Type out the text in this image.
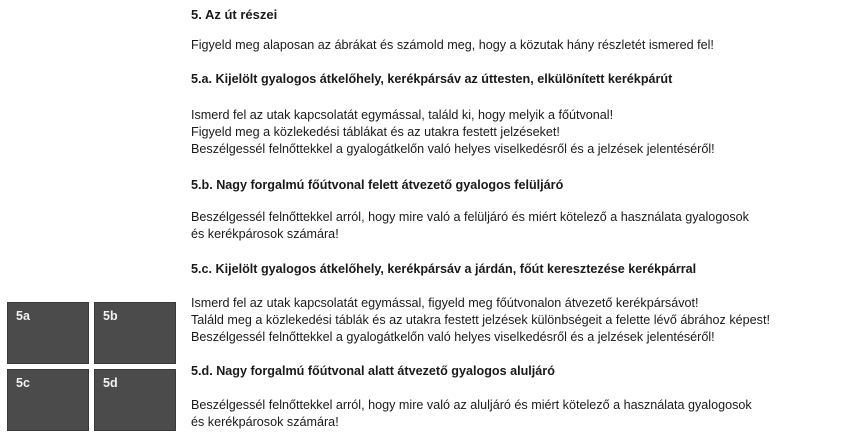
5a	5b
5c	5d
5. Az út részei

Figyeld meg alaposan az ábrákat és számold meg, hogy a közutak hány részletét ismered fel!

5.a. Kijelölt gyalogos átkelőhely, kerékpársáv az úttesten, elkülönített kerékpárút

Ismerd fel az utak kapcsolatát egymással, találd ki, hogy melyik a főútvonal!
Figyeld meg a közlekedési táblákat és az utakra festett jelzéseket!
Beszélgessél felnőttekkel a gyalogátkelőn való helyes viselkedésről és a jelzések jelentéséről!

5.b. Nagy forgalmú főútvonal felett átvezető gyalogos felüljáró

Beszélgessél felnőttekkel arról, hogy mire való a felüljáró és miért kötelező a használata gyalogosok
és kerékpárosok számára!

5.c. Kijelölt gyalogos átkelőhely, kerékpársáv a járdán, főút keresztezése kerékpárral

Ismerd fel az utak kapcsolatát egymással, figyeld meg főútvonalon átvezető kerékpársávot!
Találd meg a közlekedési táblák és az utakra festett jelzések különbségeit a felette lévő ábrához képest!
Beszélgessél felnőttekkel a gyalogátkelőn való helyes viselkedésről és a jelzések jelentéséről!

5.d. Nagy forgalmú főútvonal alatt átvezető gyalogos aluljáró

Beszélgessél felnőttekkel arról, hogy mire való az aluljáró és miért kötelező a használata gyalogosok
és kerékpárosok számára!
